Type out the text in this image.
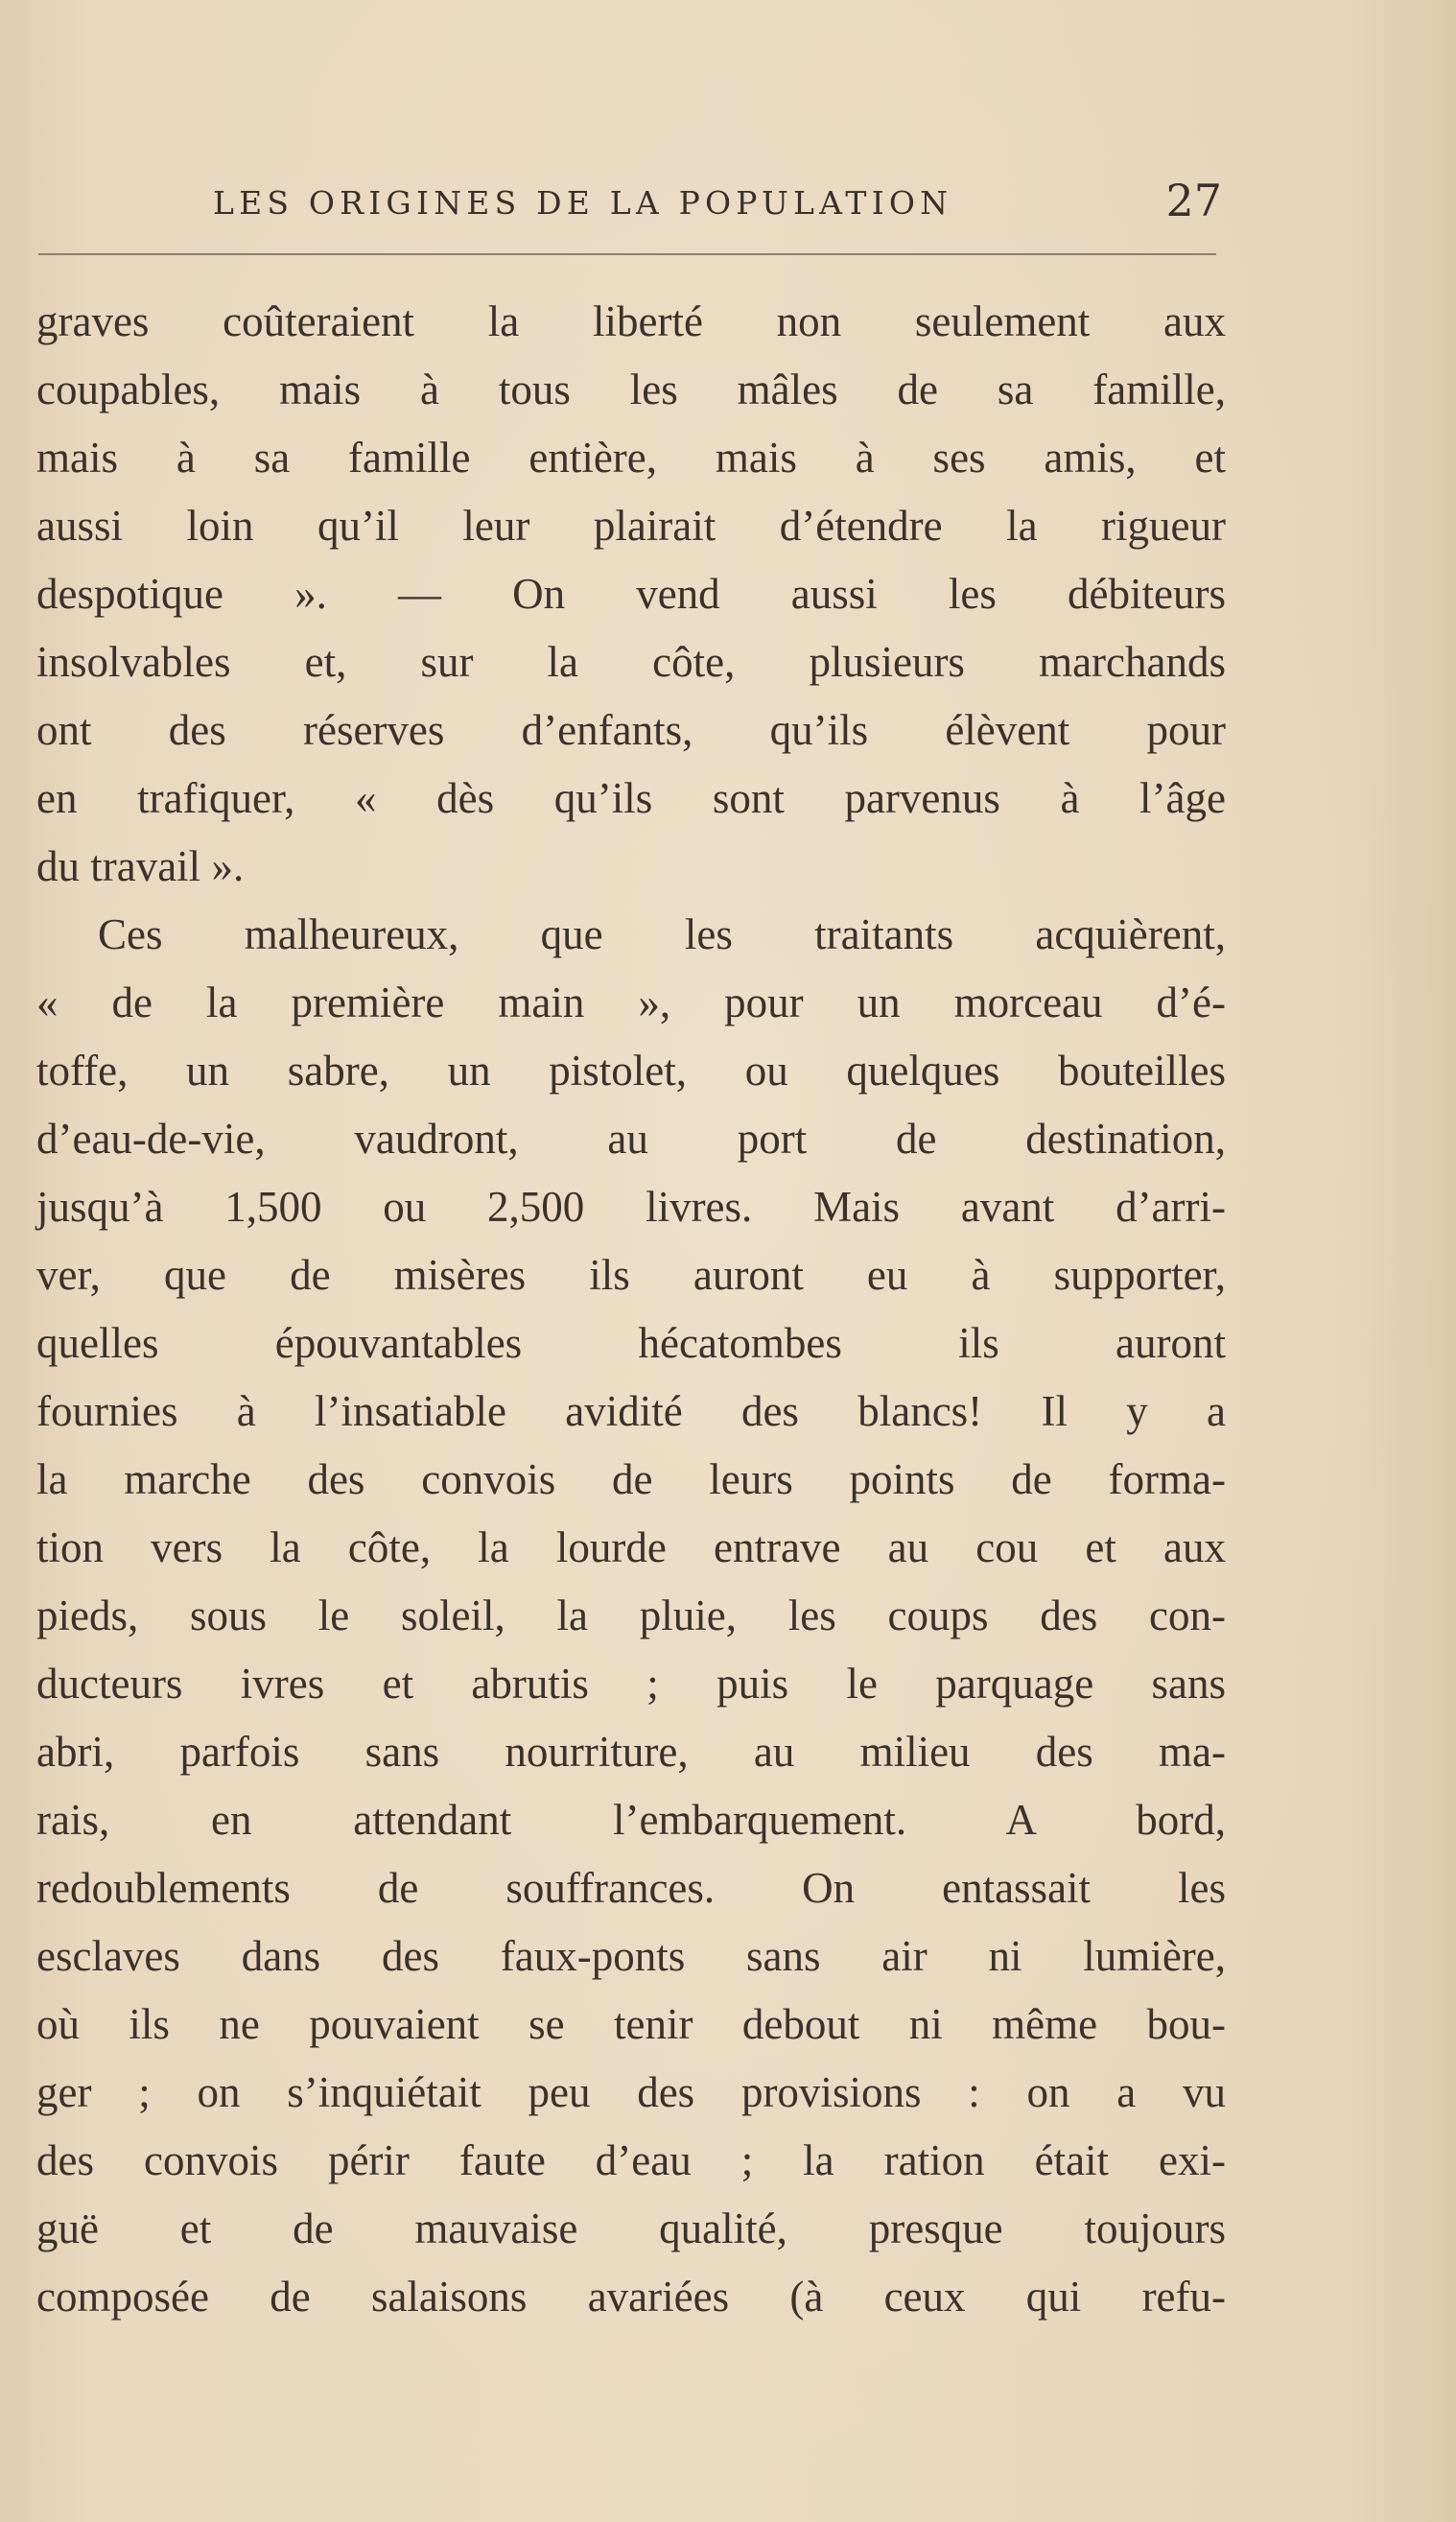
LES ORIGINES DE LA POPULATION	27
graves coûteraient la liberté non seulement aux
coupables, mais à tous les mâles de sa famille,
mais à sa famille entière, mais à ses amis, et
aussi loin qu’il leur plairait d’étendre la rigueur
despotique ». — On vend aussi les débiteurs
insolvables et, sur la côte, plusieurs marchands
ont des réserves d’enfants, qu’ils élèvent pour
en trafiquer, « dès qu’ils sont parvenus à l’âge
du travail ».
Ces malheureux, que les traitants acquièrent,
« de la première main », pour un morceau d’é-
toffe, un sabre, un pistolet, ou quelques bouteilles
d’eau-de-vie, vaudront, au port de destination,
jusqu’à 1,500 ou 2,500 livres. Mais avant d’arri-
ver, que de misères ils auront eu à supporter,
quelles épouvantables hécatombes ils auront
fournies à l’insatiable avidité des blancs! Il y a
la marche des convois de leurs points de forma-
tion vers la côte, la lourde entrave au cou et aux
pieds, sous le soleil, la pluie, les coups des con-
ducteurs ivres et abrutis ; puis le parquage sans
abri, parfois sans nourriture, au milieu des ma-
rais, en attendant l’embarquement. A bord,
redoublements de souffrances. On entassait les
esclaves dans des faux-ponts sans air ni lumière,
où ils ne pouvaient se tenir debout ni même bou-
ger ; on s’inquiétait peu des provisions : on a vu
des convois périr faute d’eau ; la ration était exi-
guë et de mauvaise qualité, presque toujours
composée de salaisons avariées (à ceux qui refu-
